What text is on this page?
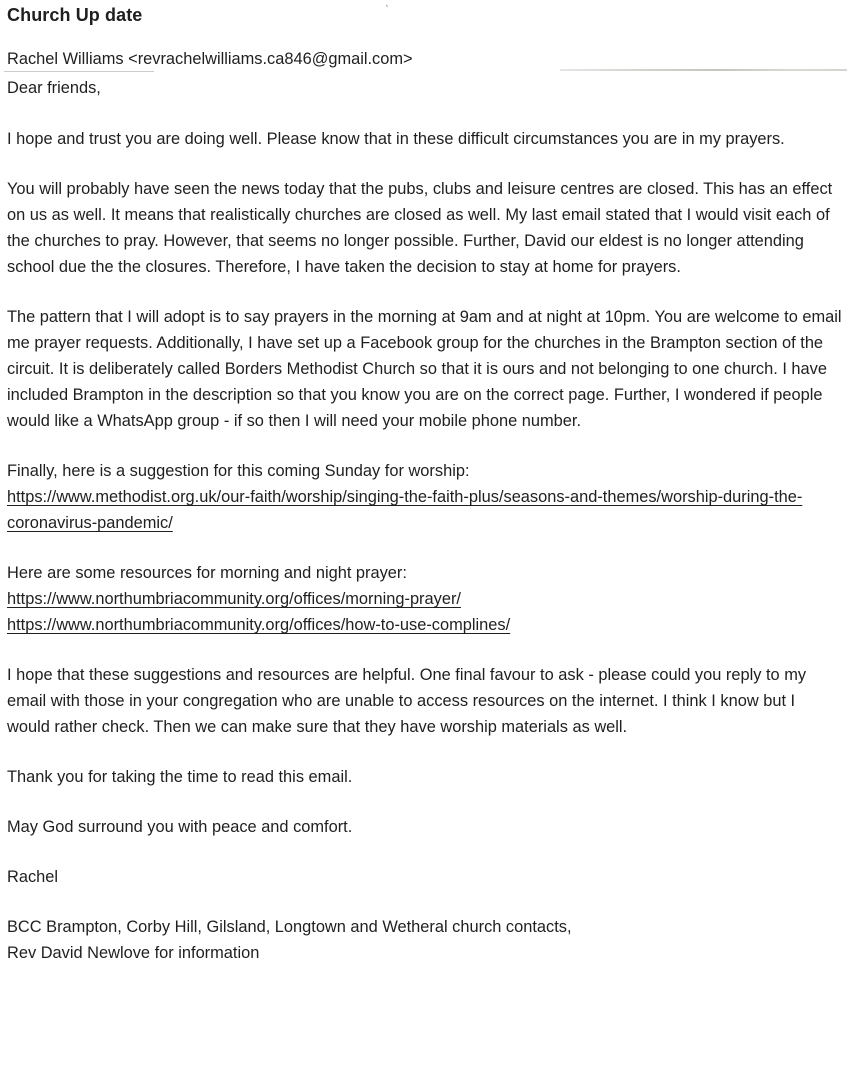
Church Up date
Rachel Williams <revrachelwilliams.ca846@gmail.com>
Dear friends,
I hope and trust you are doing well. Please know that in these difficult circumstances you are in my prayers.
You will probably have seen the news today that the pubs, clubs and leisure centres are closed. This has an effect on us as well. It means that realistically churches are closed as well. My last email stated that I would visit each of the churches to pray. However, that seems no longer possible. Further, David our eldest is no longer attending school due the the closures. Therefore, I have taken the decision to stay at home for prayers.
The pattern that I will adopt is to say prayers in the morning at 9am and at night at 10pm. You are welcome to email me prayer requests. Additionally, I have set up a Facebook group for the churches in the Brampton section of the circuit. It is deliberately called Borders Methodist Church so that it is ours and not belonging to one church. I have included Brampton in the description so that you know you are on the correct page. Further, I wondered if people would like a WhatsApp group - if so then I will need your mobile phone number.
Finally, here is a suggestion for this coming Sunday for worship:
https://www.methodist.org.uk/our-faith/worship/singing-the-faith-plus/seasons-and-themes/worship-during-the-coronavirus-pandemic/
Here are some resources for morning and night prayer:
https://www.northumbriacommunity.org/offices/morning-prayer/
https://www.northumbriacommunity.org/offices/how-to-use-complines/
I hope that these suggestions and resources are helpful. One final favour to ask - please could you reply to my email with those in your congregation who are unable to access resources on the internet. I think I know but I would rather check. Then we can make sure that they have worship materials as well.
Thank you for taking the time to read this email.
May God surround you with peace and comfort.
Rachel
BCC Brampton, Corby Hill, Gilsland, Longtown and Wetheral church contacts,
Rev David Newlove for information
‵
